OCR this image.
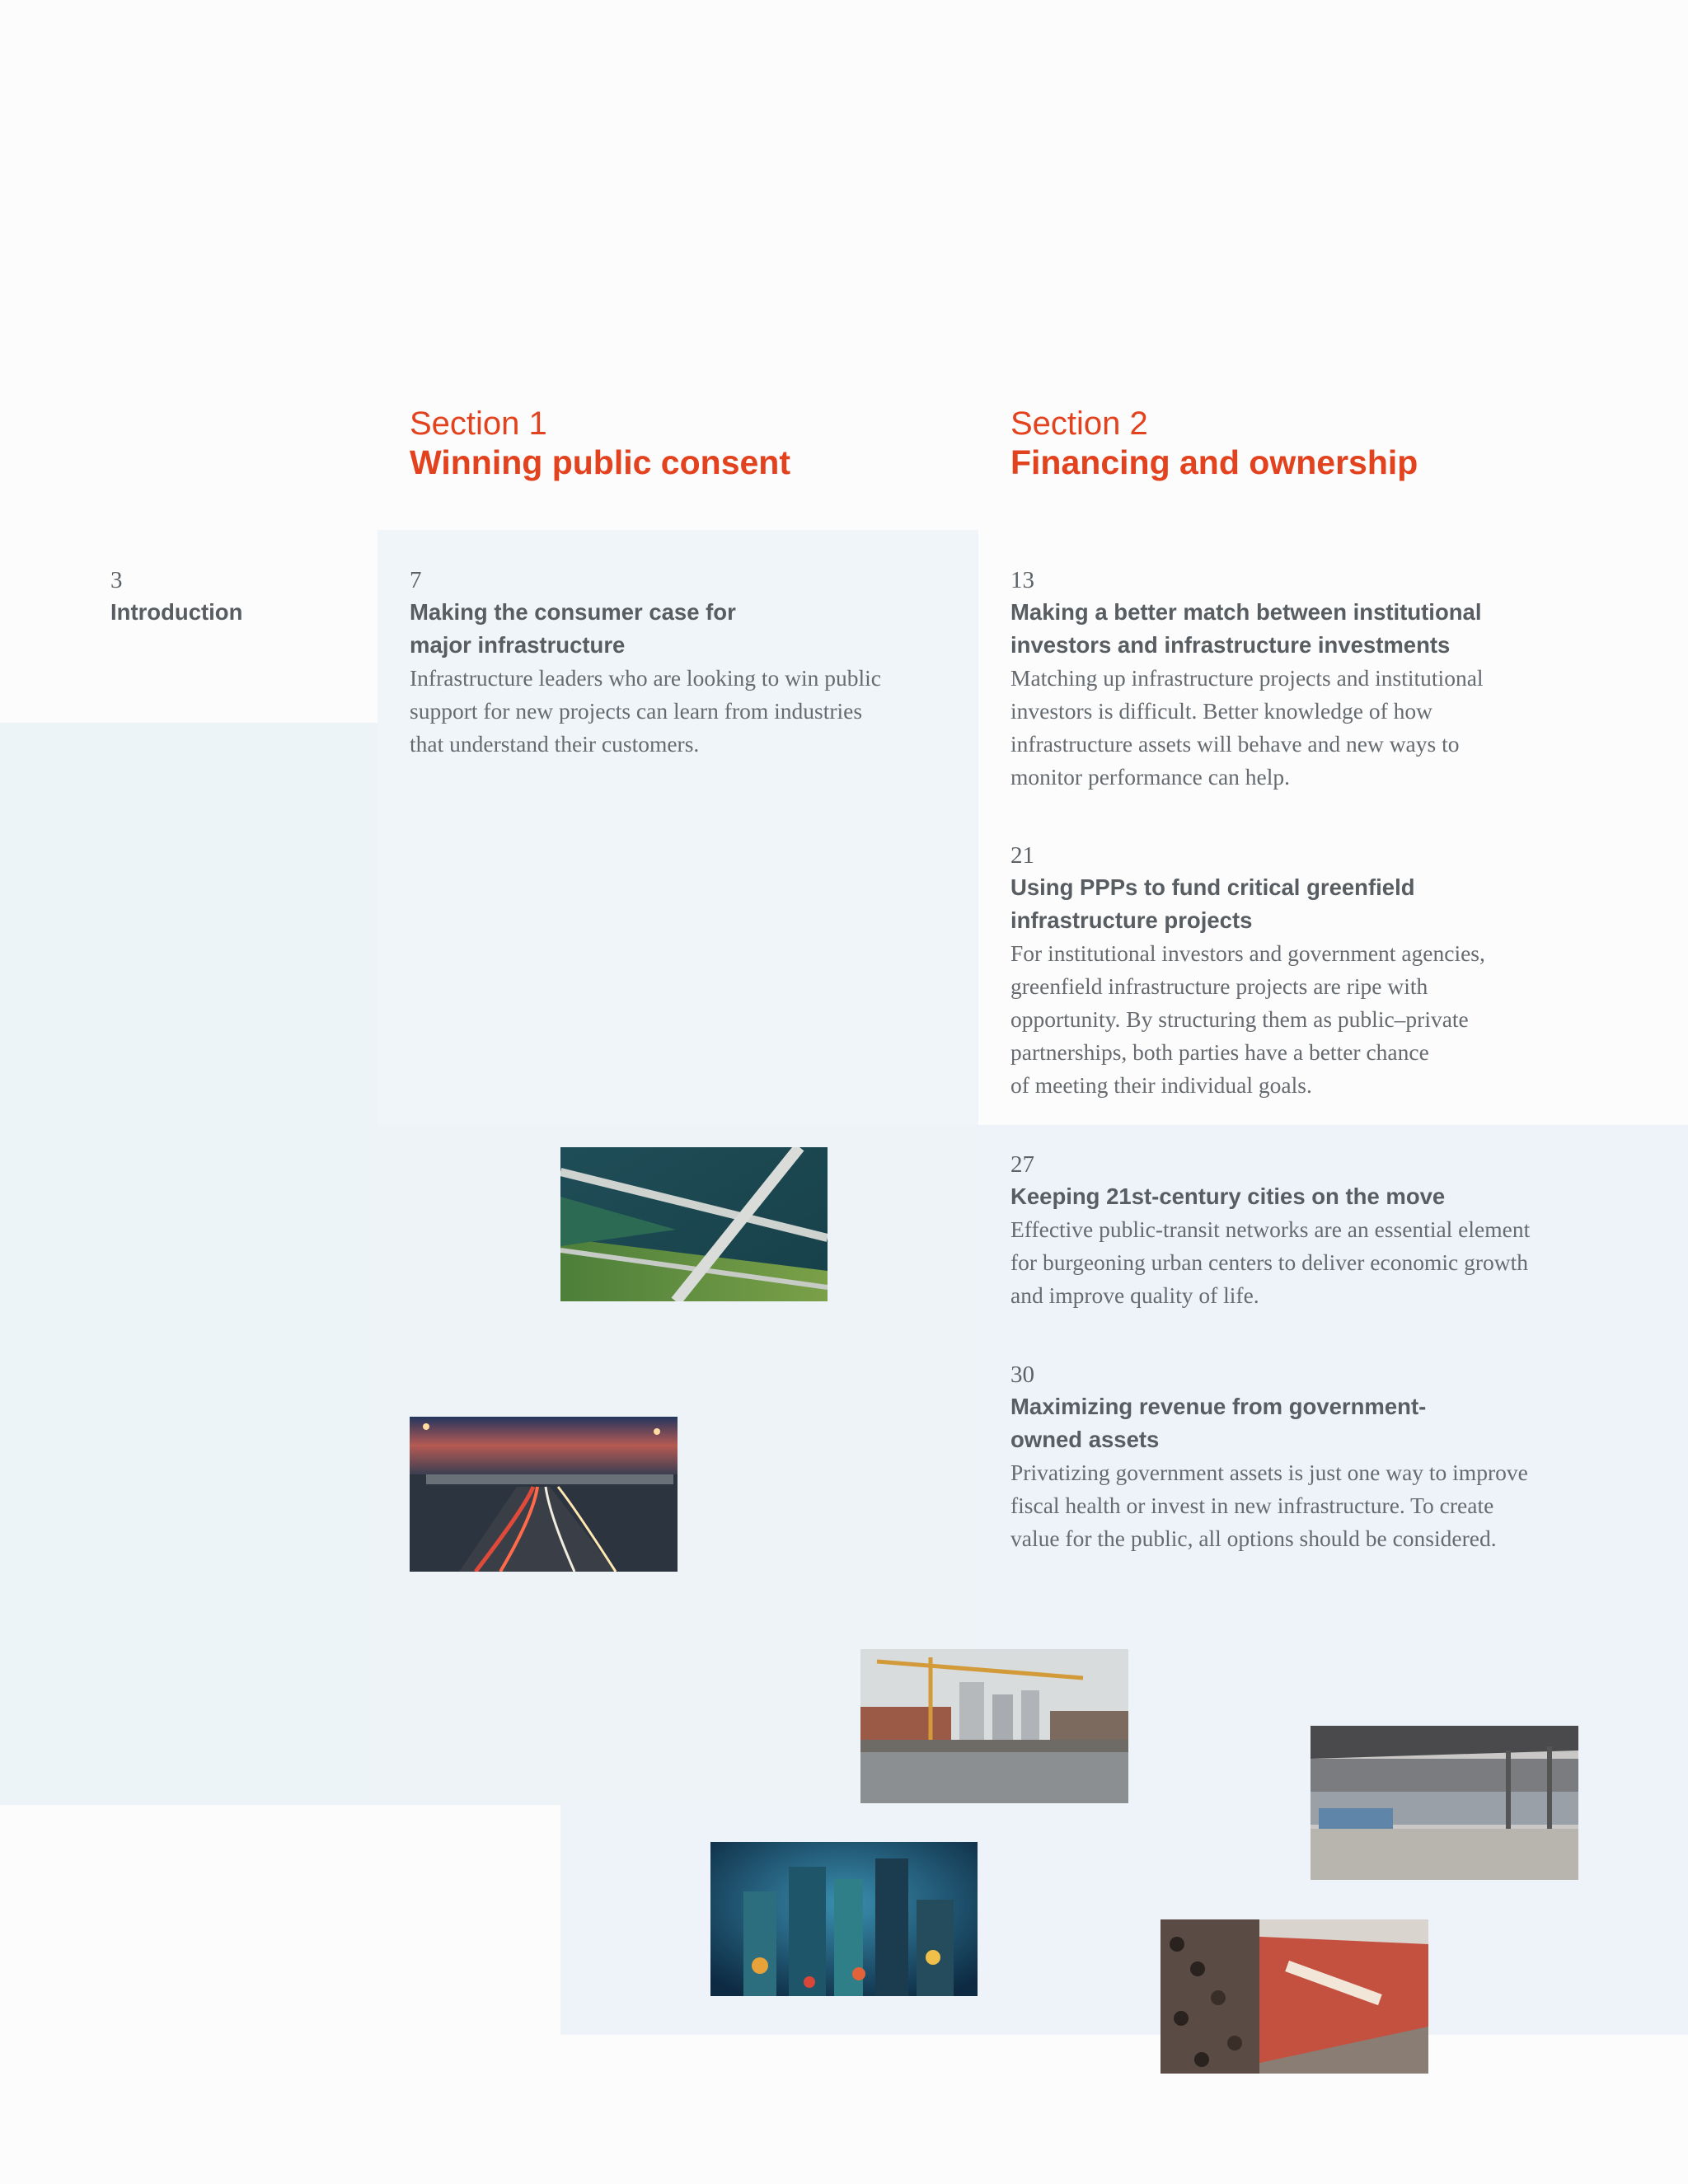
Section 1
Winning public consent
Section 2
Financing and ownership
3
Introduction
7
Making the consumer case for
major infrastructure
Infrastructure leaders who are looking to win public
support for new projects can learn from industries
that understand their customers.
13
Making a better match between institutional
investors and infrastructure investments
Matching up infrastructure projects and institutional
investors is difficult. Better knowledge of how
infrastructure assets will behave and new ways to
monitor performance can help.
21
Using PPPs to fund critical greenfield
infrastructure projects
For institutional investors and government agencies,
greenfield infrastructure projects are ripe with
opportunity. By structuring them as public–private
partnerships, both parties have a better chance
of meeting their individual goals.
27
Keeping 21st-century cities on the move
Effective public-transit networks are an essential element
for burgeoning urban centers to deliver economic growth
and improve quality of life.
30
Maximizing revenue from government-
owned assets
Privatizing government assets is just one way to improve
fiscal health or invest in new infrastructure. To create
value for the public, all options should be considered.
